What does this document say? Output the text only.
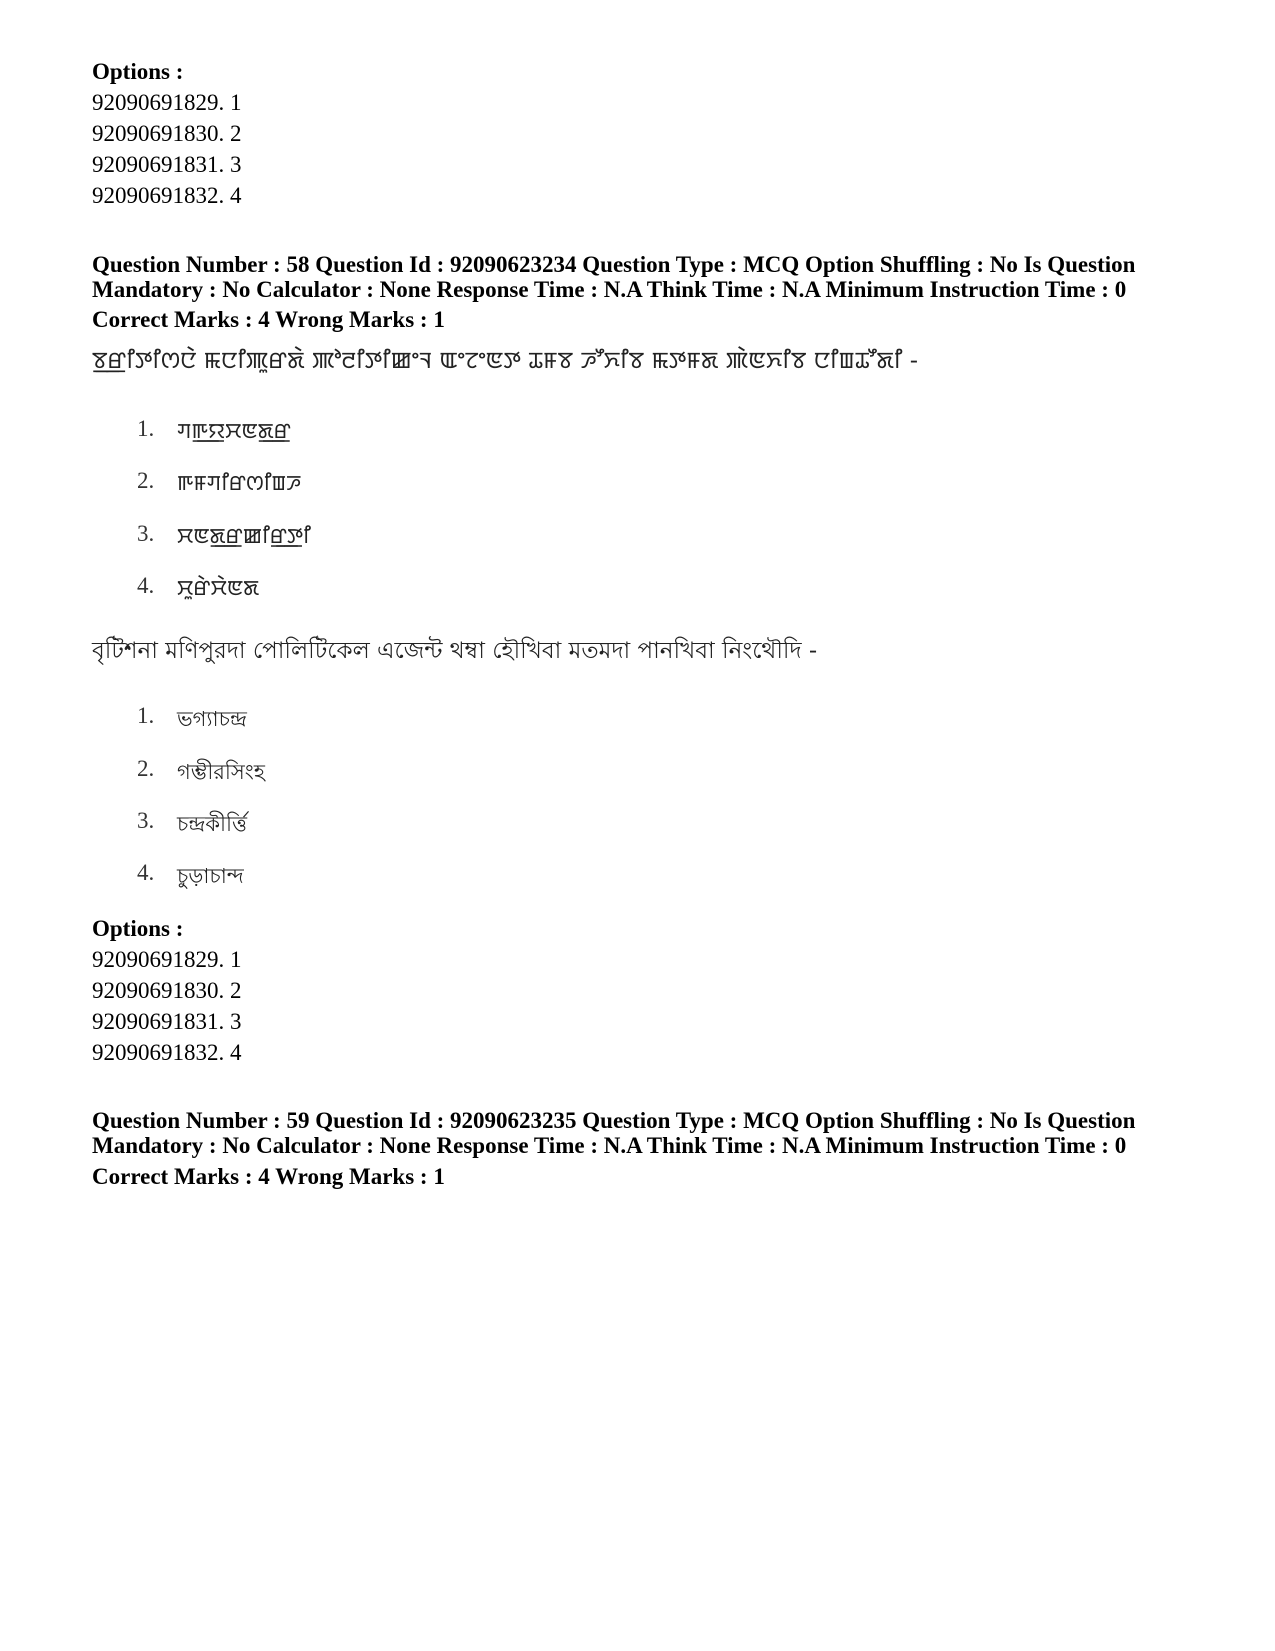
Options :
92090691829. 1
92090691830. 2
92090691831. 3
92090691832. 4
Question Number : 58 Question Id : 92090623234 Question Type : MCQ Option Shuffling : No Is Question Mandatory : No Calculator : None Response Time : N.A Think Time : N.A Minimum Instruction Time : 0
Correct Marks : 4 Wrong Marks : 1
ꯕ꯭ꯔꯤꯇꯤꯁꯅꯥ ꯃꯅꯤꯄꯨꯔꯗꯥ ꯄꯣꯂꯤꯇꯤꯀꯦꯜ ꯑꯦꯖꯦꯟꯇ ꯊꯝꯕ ꯍꯧꯈꯤꯕ ꯃꯇꯝꯗ ꯄꯥꯟꯈꯤꯕ ꯅꯤꯡꯊꯧꯗꯤ -
1. ꯚꯒ꯭ꯌꯆꯟꯗ꯭ꯔ
2. ꯒꯝꯚꯤꯔꯁꯤꯡꯍ
3. ꯆꯟꯗ꯭ꯔꯀꯤꯔ꯭ꯇꯤ
4. ꯆꯨꯔꯥꯆꯥꯟꯗ
বৃটিশনা মণিপুরদা পোলিটিকেল এজেন্ট থম্বা হৌখিবা মতমদা পানখিবা নিংথৌদি -
1. ভগ্যাচন্দ্র
2. গম্ভীরসিংহ
3. চন্দ্রকীর্ত্তি
4. চুড়াচান্দ
Options :
92090691829. 1
92090691830. 2
92090691831. 3
92090691832. 4
Question Number : 59 Question Id : 92090623235 Question Type : MCQ Option Shuffling : No Is Question Mandatory : No Calculator : None Response Time : N.A Think Time : N.A Minimum Instruction Time : 0
Correct Marks : 4 Wrong Marks : 1
